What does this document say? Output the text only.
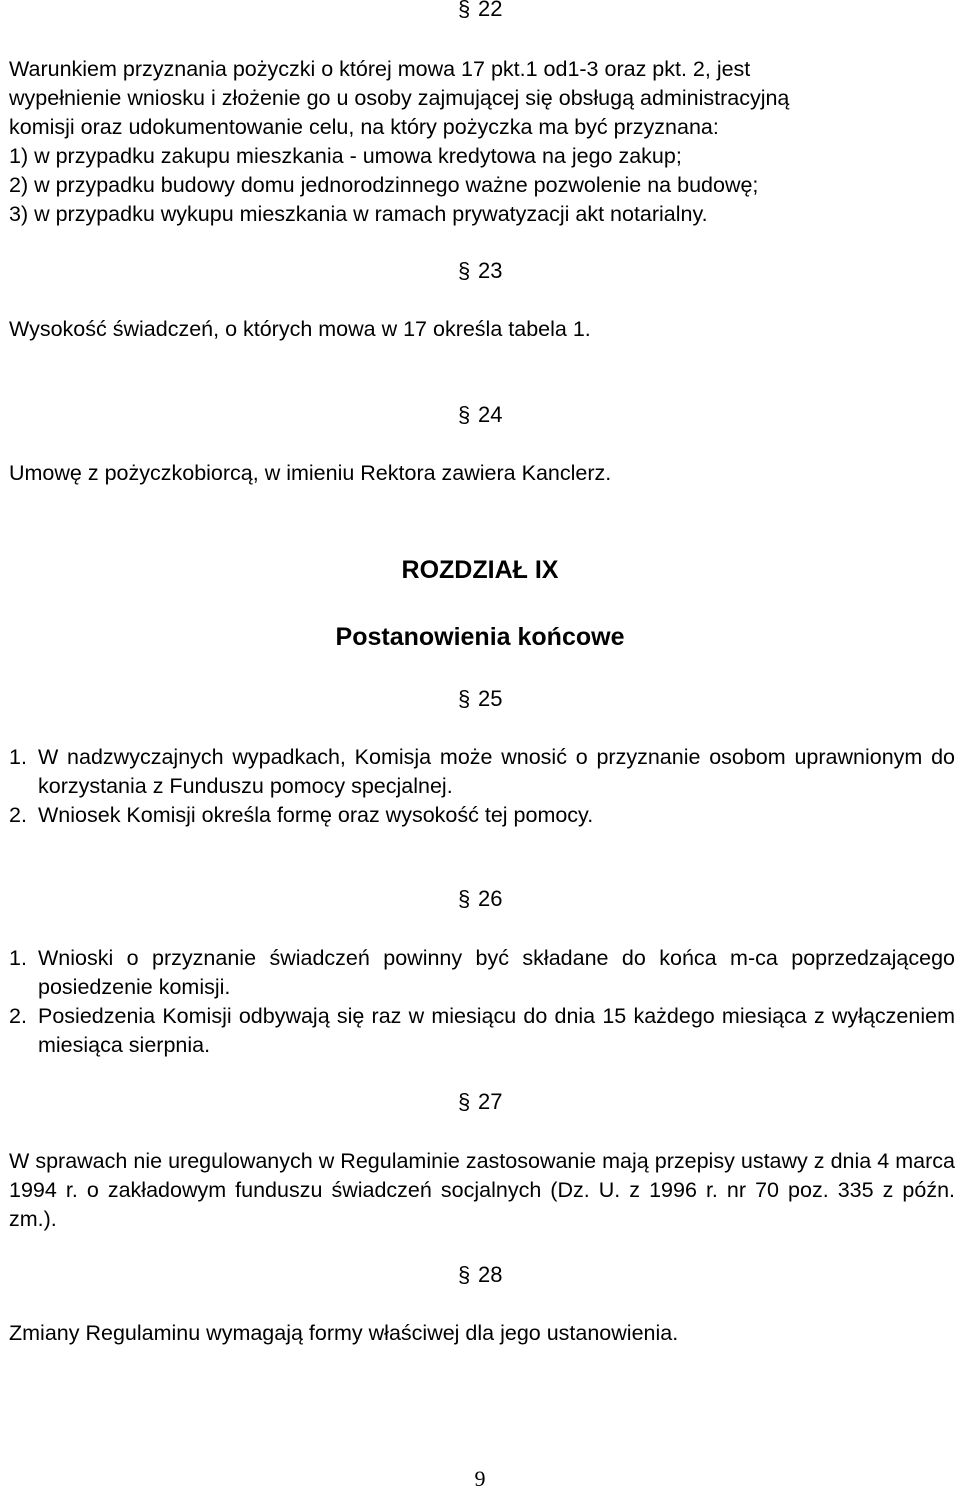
§ 22
Warunkiem przyznania pożyczki o której mowa 17 pkt.1 od1-3 oraz pkt. 2, jest
wypełnienie wniosku i złożenie go u osoby zajmującej się obsługą administracyjną
komisji oraz udokumentowanie celu, na który pożyczka ma być przyznana:
1) w przypadku zakupu mieszkania - umowa kredytowa na jego zakup;
2) w przypadku budowy domu jednorodzinnego ważne pozwolenie na budowę;
3) w przypadku wykupu mieszkania w ramach prywatyzacji akt notarialny.
§ 23
Wysokość świadczeń, o których mowa w 17 określa tabela 1.
§ 24
Umowę z pożyczkobiorcą, w imieniu Rektora zawiera Kanclerz.
ROZDZIAŁ IX
Postanowienia końcowe
§ 25
1. W nadzwyczajnych wypadkach, Komisja może wnosić o przyznanie osobom uprawnionym do korzystania z Funduszu pomocy specjalnej.
2. Wniosek Komisji określa formę oraz wysokość tej pomocy.
§ 26
1. Wnioski o przyznanie świadczeń powinny być składane do końca m-ca poprzedzającego posiedzenie komisji.
2. Posiedzenia Komisji odbywają się raz w miesiącu do dnia 15 każdego miesiąca z wyłączeniem miesiąca sierpnia.
§ 27
W sprawach nie uregulowanych w Regulaminie zastosowanie mają przepisy ustawy z dnia 4 marca 1994 r. o zakładowym funduszu świadczeń socjalnych (Dz. U. z 1996 r. nr 70 poz. 335 z późn. zm.).
§ 28
Zmiany Regulaminu wymagają formy właściwej dla jego ustanowienia.
9
